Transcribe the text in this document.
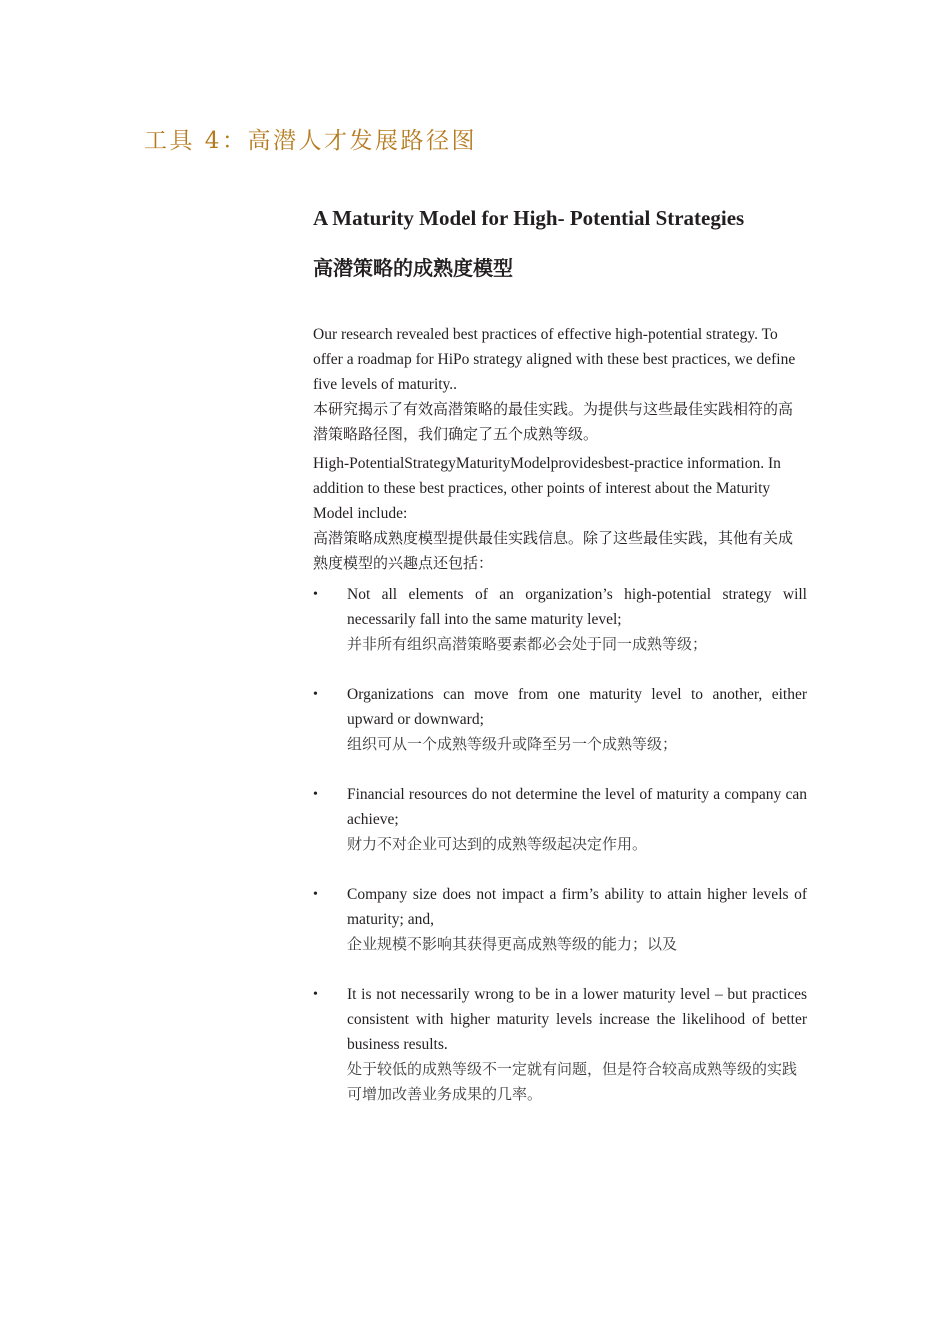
工具 4：高潜人才发展路径图
A Maturity Model for High- Potential Strategies
高潜策略的成熟度模型

Our research revealed best practices of effective high-potential strategy. To offer a roadmap for HiPo strategy aligned with these best practices, we define five levels of maturity..

本研究揭示了有效高潜策略的最佳实践。为提供与这些最佳实践相符的高潜策略路径图，我们确定了五个成熟等级。

High-PotentialStrategyMaturityModelprovidesbest-practice information. In addition to these best practices, other points of interest about the Maturity Model include:

高潜策略成熟度模型提供最佳实践信息。除了这些最佳实践，其他有关成熟度模型的兴趣点还包括：

• Not all elements of an organization’s high-potential strategy will necessarily fall into the same maturity level;
并非所有组织高潜策略要素都必会处于同一成熟等级；
• Organizations can move from one maturity level to another, either upward or downward;
组织可从一个成熟等级升或降至另一个成熟等级；
• Financial resources do not determine the level of maturity a company can achieve;
财力不对企业可达到的成熟等级起决定作用。
• Company size does not impact a firm’s ability to attain higher levels of maturity; and,
企业规模不影响其获得更高成熟等级的能力；以及
• It is not necessarily wrong to be in a lower maturity level – but practices consistent with higher maturity levels increase the likelihood of better business results.
处于较低的成熟等级不一定就有问题，但是符合较高成熟等级的实践可增加改善业务成果的几率。
